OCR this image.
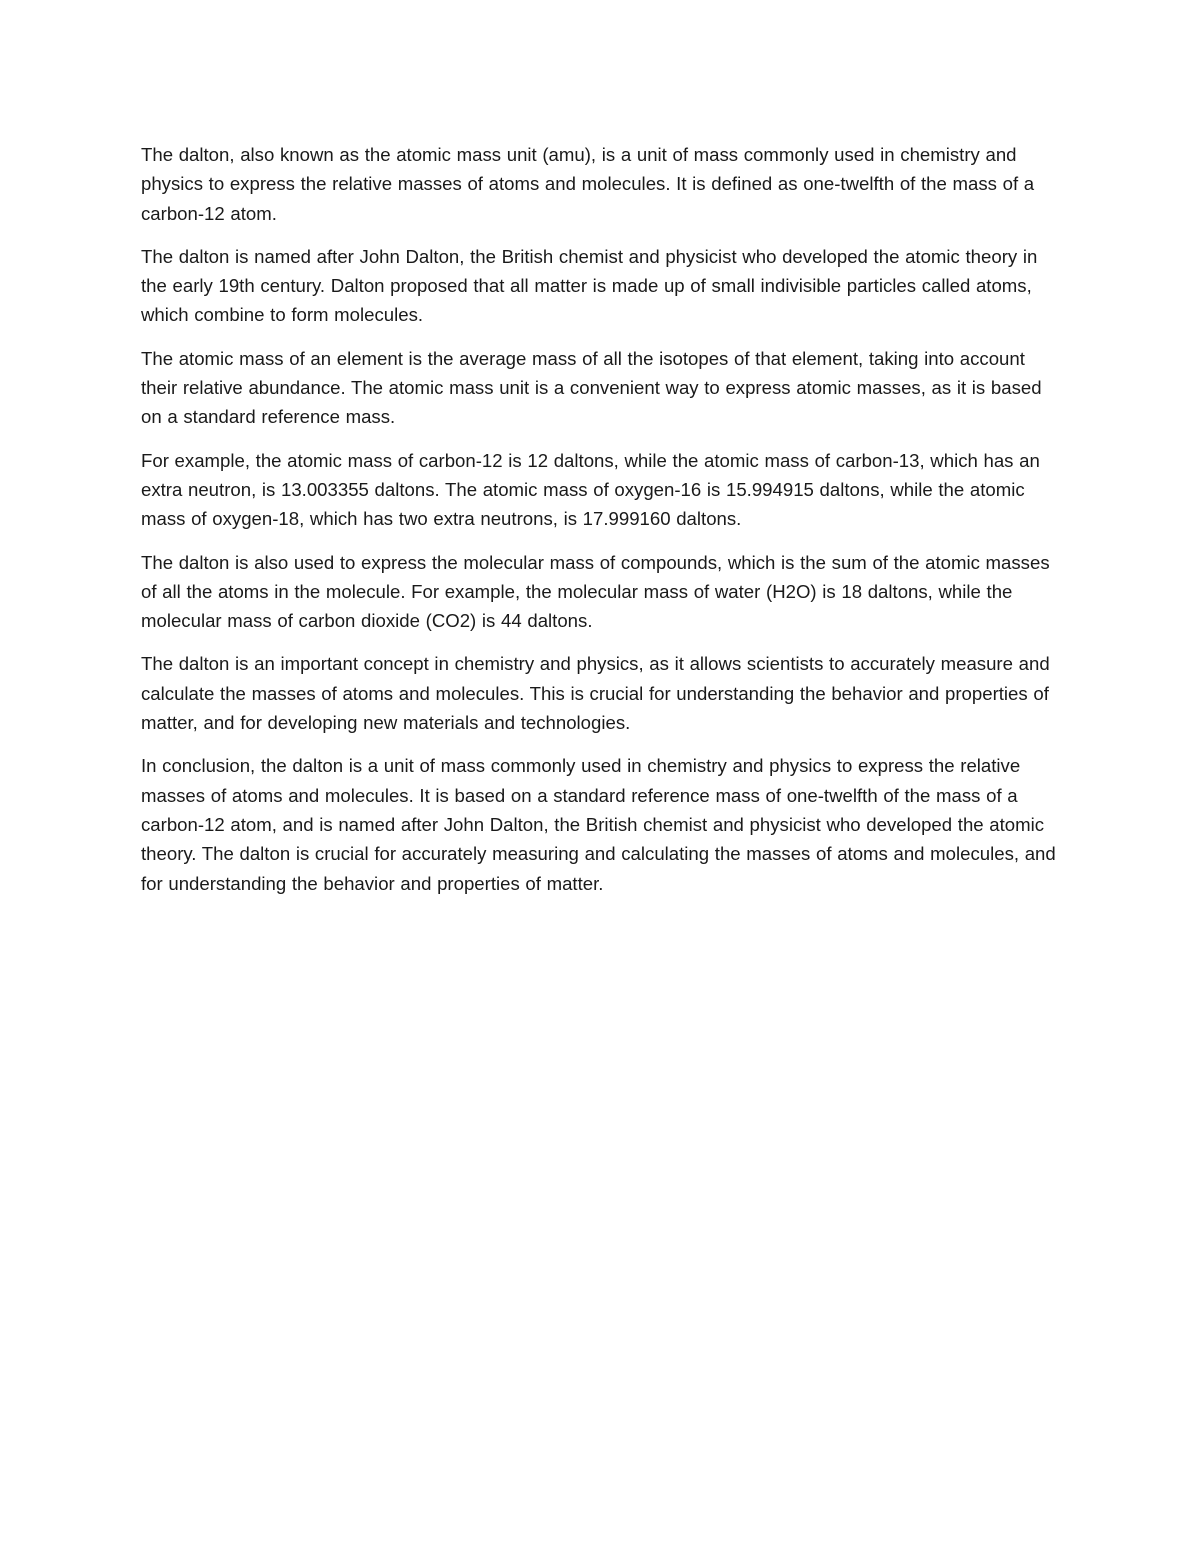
The dalton, also known as the atomic mass unit (amu), is a unit of mass commonly used in chemistry and physics to express the relative masses of atoms and molecules. It is defined as one-twelfth of the mass of a carbon-12 atom.

The dalton is named after John Dalton, the British chemist and physicist who developed the atomic theory in the early 19th century. Dalton proposed that all matter is made up of small indivisible particles called atoms, which combine to form molecules.

The atomic mass of an element is the average mass of all the isotopes of that element, taking into account their relative abundance. The atomic mass unit is a convenient way to express atomic masses, as it is based on a standard reference mass.

For example, the atomic mass of carbon-12 is 12 daltons, while the atomic mass of carbon-13, which has an extra neutron, is 13.003355 daltons. The atomic mass of oxygen-16 is 15.994915 daltons, while the atomic mass of oxygen-18, which has two extra neutrons, is 17.999160 daltons.

The dalton is also used to express the molecular mass of compounds, which is the sum of the atomic masses of all the atoms in the molecule. For example, the molecular mass of water (H2O) is 18 daltons, while the molecular mass of carbon dioxide (CO2) is 44 daltons.

The dalton is an important concept in chemistry and physics, as it allows scientists to accurately measure and calculate the masses of atoms and molecules. This is crucial for understanding the behavior and properties of matter, and for developing new materials and technologies.

In conclusion, the dalton is a unit of mass commonly used in chemistry and physics to express the relative masses of atoms and molecules. It is based on a standard reference mass of one-twelfth of the mass of a carbon-12 atom, and is named after John Dalton, the British chemist and physicist who developed the atomic theory. The dalton is crucial for accurately measuring and calculating the masses of atoms and molecules, and for understanding the behavior and properties of matter.
